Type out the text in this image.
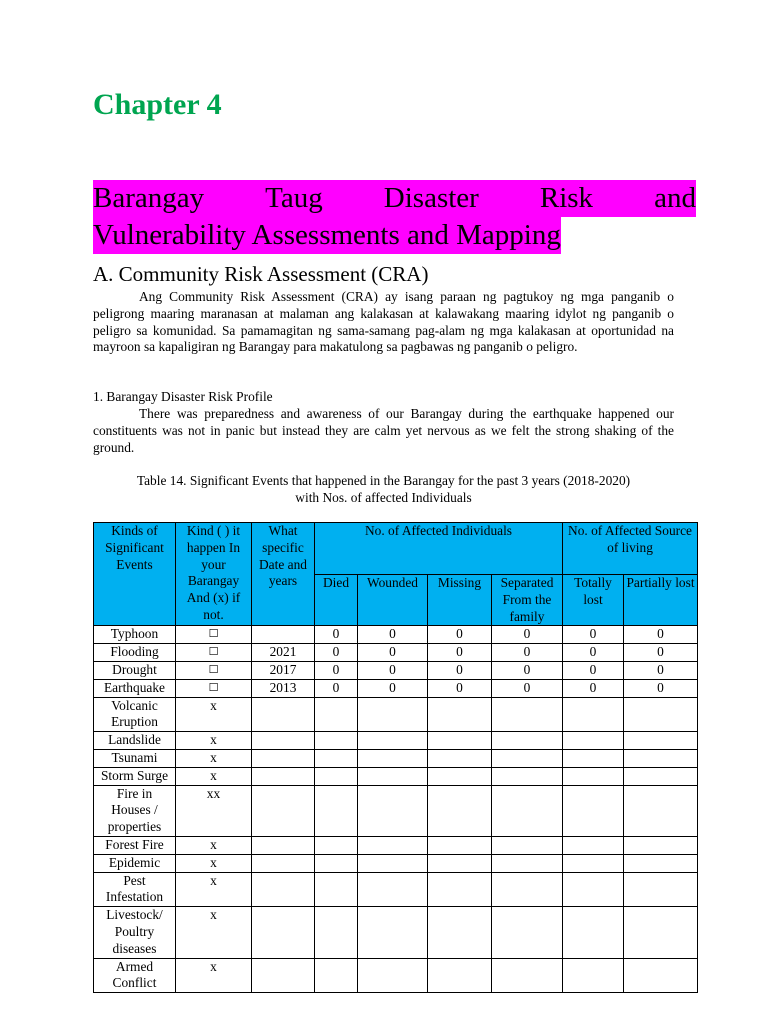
Chapter 4
Barangay Taug Disaster Risk and
Vulnerability Assessments and Mapping
A. Community Risk Assessment (CRA)

Ang Community Risk Assessment (CRA) ay isang paraan ng pagtukoy ng mga panganib o peligrong maaring maranasan at malaman ang kalakasan at kalawakang maaring idylot ng panganib o peligro sa komunidad. Sa pamamagitan ng sama-samang pag-alam ng mga kalakasan at oportunidad na mayroon sa kapaligiran ng Barangay para makatulong sa pagbawas ng panganib o peligro.

1. Barangay Disaster Risk Profile

There was preparedness and awareness of our Barangay during the earthquake happened our constituents was not in panic but instead they are calm yet nervous as we felt the strong shaking of the ground.

Table 14. Significant Events that happened in the Barangay for the past 3 years (2018-2020)
with Nos. of affected Individuals
Kinds of Significant Events	Kind ( ) it happen In your Barangay And (x) if not.	What specific Date and years	No. of Affected Individuals				No. of Affected Source of living	
			Died	Wounded	Missing	Separated From the family	Totally lost	Partially lost
Typhoon	☐		0	0	0	0	0	0
Flooding	☐	2021	0	0	0	0	0	0
Drought	☐	2017	0	0	0	0	0	0
Earthquake	☐	2013	0	0	0	0	0	0
Volcanic Eruption	x							
Landslide	x							
Tsunami	x							
Storm Surge	x							
Fire in Houses / properties	xx							
Forest Fire	x							
Epidemic	x							
Pest Infestation	x							
Livestock/ Poultry diseases	x							
Armed Conflict	x							
